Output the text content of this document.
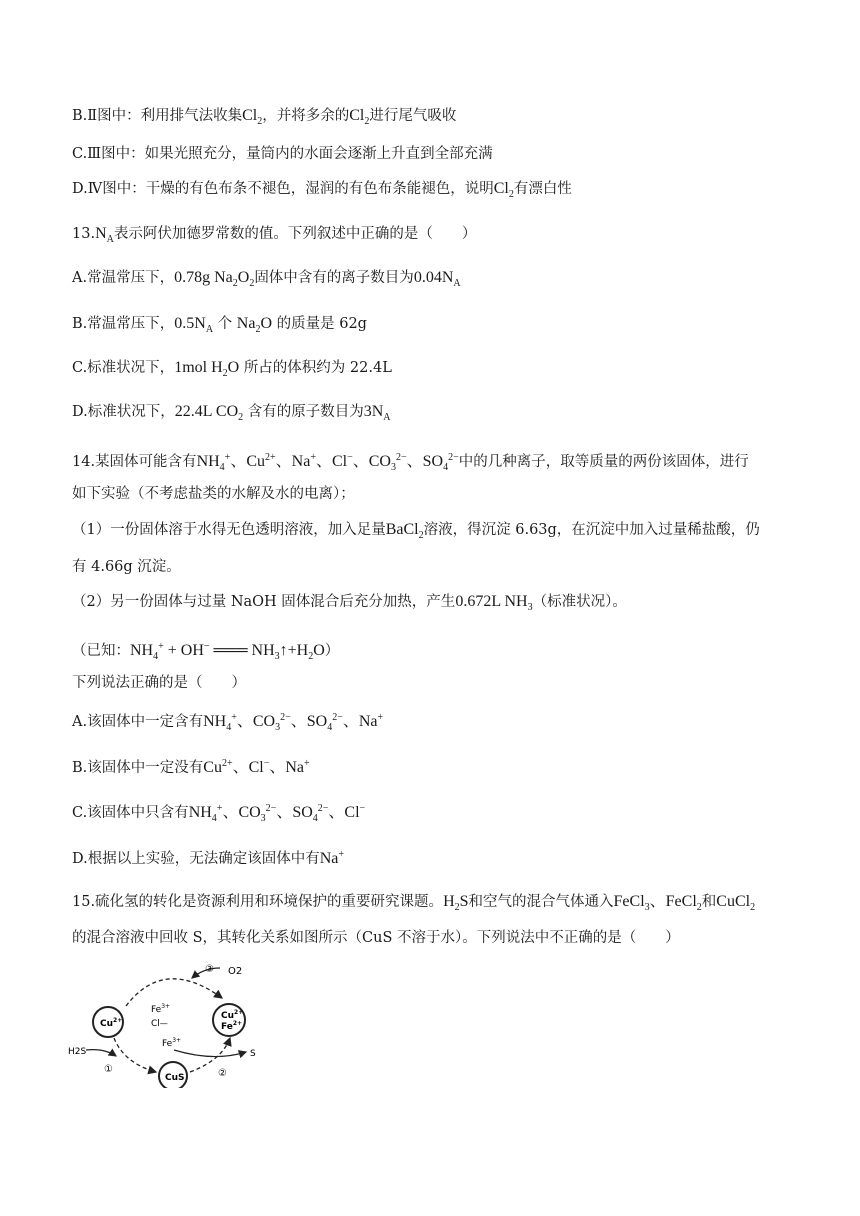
B.Ⅱ图中：利用排气法收集$Cl_2$，并将多余的$Cl_2$进行尾气吸收
C.Ⅲ图中：如果光照充分，量筒内的水面会逐渐上升直到全部充满
D.Ⅳ图中：干燥的有色布条不褪色，湿润的有色布条能褪色，说明$Cl_2$有漂白性
$13.N_A$表示阿伏加德罗常数的值。下列叙述中正确的是（　　）
A.常温常压下，0.78g $Na_2O_2$固体中含有的离子数目为$0.04N_A$
B.常温常压下，$0.5N_A$ 个 $Na_2O$ 的质量是 62g
C.标准状况下，1mol $H_2O$ 所占的体积约为 22.4L
D.标准状况下，22.4L $CO_2$ 含有的原子数目为$3N_A$
14.某固体可能含有$NH_4^+$、$Cu^{2+}$、Na+、Cl−、$CO_3^{2-}$、$SO_4^{2-}$中的几种离子，取等质量的两份该固体，进行
如下实验（不考虑盐类的水解及水的电离）；
（1）一份固体溶于水得无色透明溶液，加入足量BaCl$_2$溶液，得沉淀 6.63g，在沉淀中加入过量稀盐酸，仍
有 4.66g 沉淀。
（2）另一份固体与过量 NaOH 固体混合后充分加热，产生0.672L $NH_3$（标准状况）。
（已知：$NH_4^+ + OH^-$ ═══ $NH_3↑+H_2O$）
下列说法正确的是（　　）
A.该固体中一定含有$NH_4^+$、$CO_3^{2-}$、$SO_4^{2-}$、Na+
B.该固体中一定没有$Cu^{2+}$、Cl−、Na+
C.该固体中只含有$NH_4^+$、$CO_3^{2-}$、$SO_4^{2-}$、Cl−
D.根据以上实验，无法确定该固体中有Na+
15.硫化氢的转化是资源利用和环境保护的重要研究课题。$H_2S$和空气的混合气体通入FeCl$_3$、FeCl$_2$和CuCl$_2$
的混合溶液中回收 S，其转化关系如图所示（CuS 不溶于水）。下列说法中不正确的是（　　）
③ O2
$Cu^{2+}$	$Cu^{2+}$
$Fe^{2+}$
CuS
$Fe^{3+}$
Cl—
$Fe^{3+}$
H2S
①	②
S
